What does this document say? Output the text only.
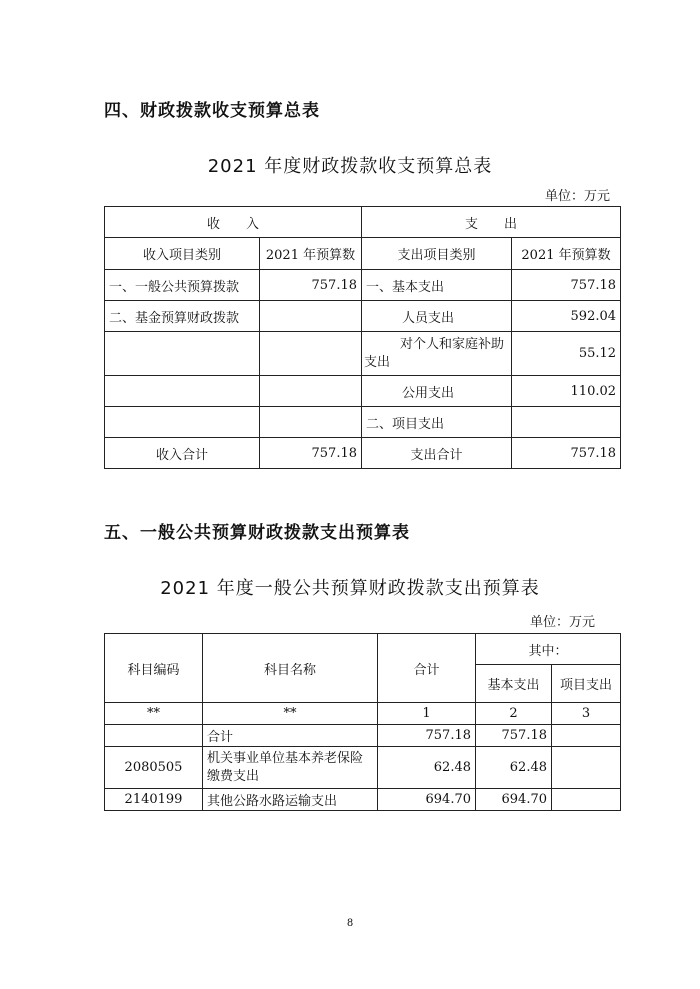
四、财政拨款收支预算总表
2021 年度财政拨款收支预算总表
单位：万元
收　　入		支　　出	
收入项目类别	2021 年预算数	支出项目类别	2021 年预算数
一、一般公共预算拨款	757.18	一、基本支出	757.18
二、基金预算财政拨款		人员支出	592.04
		对个人和家庭补助支出	55.12
		公用支出	110.02
		二、项目支出	
收入合计	757.18	支出合计	757.18
五、一般公共预算财政拨款支出预算表
2021 年度一般公共预算财政拨款支出预算表
单位：万元
科目编码	科目名称	合计	其中：	
			基本支出	项目支出
**	**	1	2	3
	合计	757.18	757.18	
2080505	机关事业单位基本养老保险缴费支出	62.48	62.48	
2140199	其他公路水路运输支出	694.70	694.70	
8
